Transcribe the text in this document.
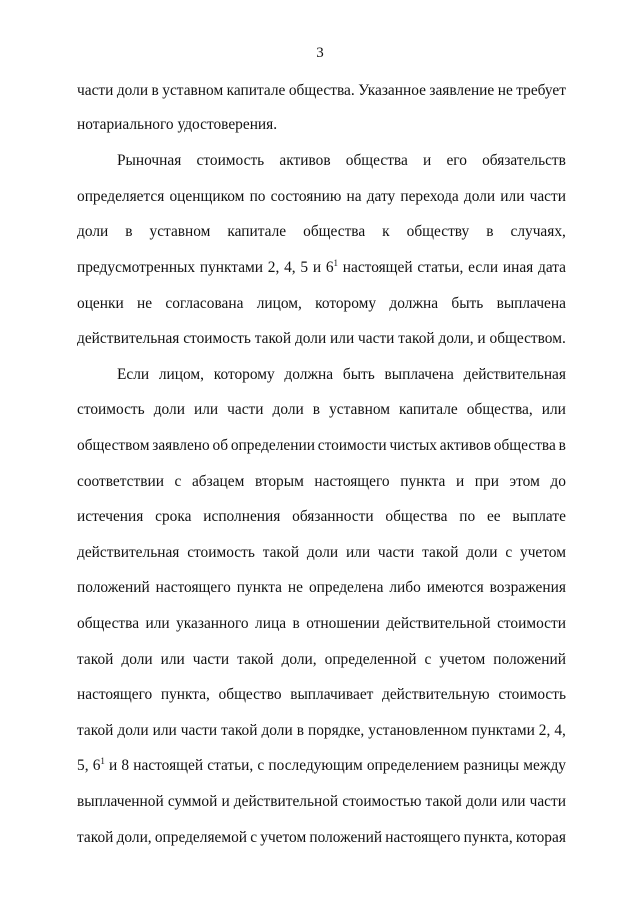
3
части доли в уставном капитале общества. Указанное заявление не требует
нотариального удостоверения.
Рыночная стоимость активов общества и его обязательств
определяется оценщиком по состоянию на дату перехода доли или части
доли в уставном капитале общества к обществу в случаях,
предусмотренных пунктами 2, 4, 5 и $6^1$ настоящей статьи, если иная дата
оценки не согласована лицом, которому должна быть выплачена
действительная стоимость такой доли или части такой доли, и обществом.
Если лицом, которому должна быть выплачена действительная
стоимость доли или части доли в уставном капитале общества, или
обществом заявлено об определении стоимости чистых активов общества в
соответствии с абзацем вторым настоящего пункта и при этом до
истечения срока исполнения обязанности общества по ее выплате
действительная стоимость такой доли или части такой доли с учетом
положений настоящего пункта не определена либо имеются возражения
общества или указанного лица в отношении действительной стоимости
такой доли или части такой доли, определенной с учетом положений
настоящего пункта, общество выплачивает действительную стоимость
такой доли или части такой доли в порядке, установленном пунктами 2, 4,
5, $6^1$ и 8 настоящей статьи, с последующим определением разницы между
выплаченной суммой и действительной стоимостью такой доли или части
такой доли, определяемой с учетом положений настоящего пункта, которая
